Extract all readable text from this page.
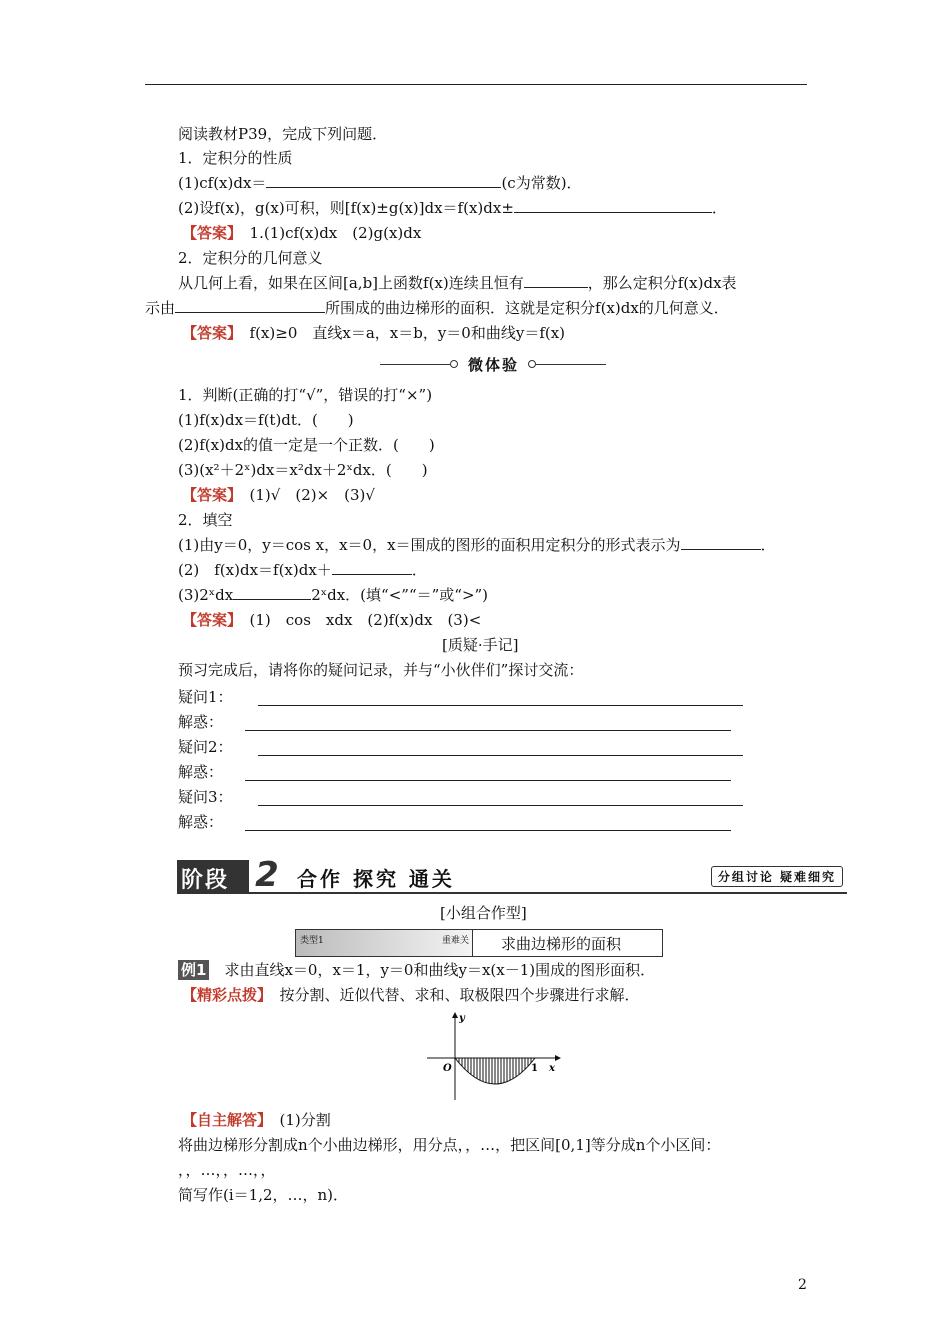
阅读教材P39，完成下列问题．
1．定积分的性质
(1)cf(x)dx＝	(c为常数)．
(2)设f(x)，g(x)可积，则[f(x)±g(x)]dx＝f(x)dx±	．
【答案】　 1.(1)cf(x)dx　(2)g(x)dx
2．定积分的几何意义
从几何上看，如果在区间[a,b]上函数f(x)连续且恒有	，那么定积分f(x)dx表
示由	所围成的曲边梯形的面积．这就是定积分f(x)dx的几何意义．
【答案】　 f(x)≥0　直线x＝a，x＝b，y＝0和曲线y＝f(x)
微体验
1．判断(正确的打“√”，错误的打“×”)
(1)f(x)dx＝f(t)dt．(　　)
(2)f(x)dx的值一定是一个正数．(　　)
(3)(x²＋2ˣ)dx＝x²dx＋2ˣdx．(　　)
【答案】　 (1)√　(2)×　(3)√
2．填空
(1)由y＝0，y＝cos x，x＝0，x＝围成的图形的面积用定积分的形式表示为	．
(2)　f(x)dx＝f(x)dx＋	．
(3)2ˣdx	2ˣdx．(填“<”“＝”或“>”)
【答案】　 (1)　cos　xdx　(2)f(x)dx　(3)<
[质疑·手记]
预习完成后，请将你的疑问记录，并与“小伙伴们”探讨交流：
疑问1：
解惑：
疑问2：
解惑：
疑问3：
解惑：
阶段 2 合作 探究 通关	分组讨论 疑难细究
[小组合作型]
类型1	重难关 求曲边梯形的面积
例1　 求由直线x＝0，x＝1，y＝0和曲线y＝x(x－1)围成的图形面积．
【精彩点拨】　 按分割、近似代替、求和、取极限四个步骤进行求解．
y
x
O	1
【自主解答】　 (1)分割
将曲边梯形分割成n个小曲边梯形，用分点，，…，把区间[0,1]等分成n个小区间：
，，…，，…，，
简写作(i＝1,2，…，n)．
2
